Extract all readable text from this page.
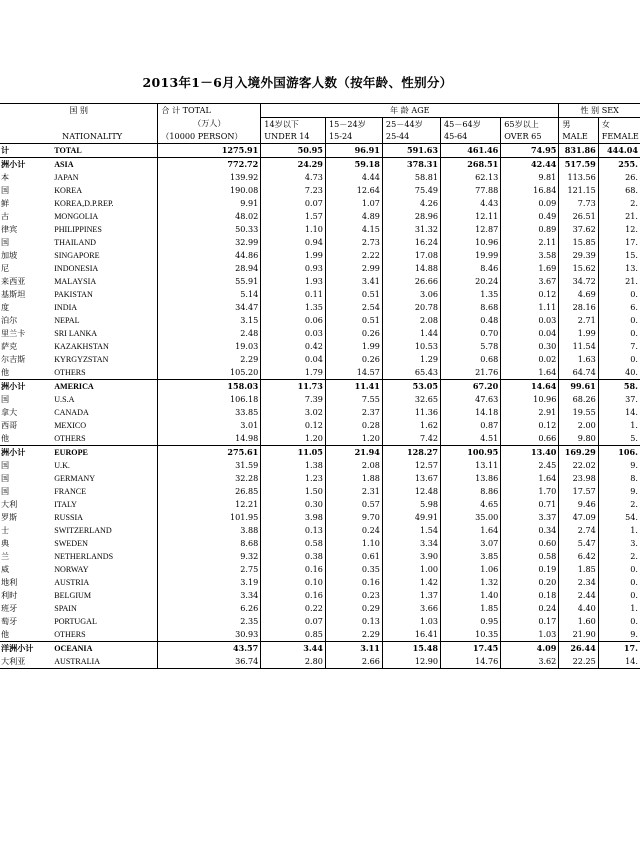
2013年1－6月入境外国游客人数（按年龄、性别分）
国 别		合 计 TOTAL	年 龄 AGE					性 别 SEX	
		（万人）	14岁以下	15－24岁	25－44岁	45－64岁	65岁以上	男	女
NATIONALITY		（10000 PERSON）	UNDER 14	15-24	25-44	45-64	OVER 65	MALE	FEMALE
计	TOTAL	1275.91	50.95	96.91	591.63	461.46	74.95	831.86	444.04
洲小计	ASIA	772.72	24.29	59.18	378.31	268.51	42.44	517.59	255.
本	JAPAN	139.92	4.73	4.44	58.81	62.13	9.81	113.56	26.
国	KOREA	190.08	7.23	12.64	75.49	77.88	16.84	121.15	68.
鲜	KOREA,D.P.REP.	9.91	0.07	1.07	4.26	4.43	0.09	7.73	2.
古	MONGOLIA	48.02	1.57	4.89	28.96	12.11	0.49	26.51	21.
律宾	PHILIPPINES	50.33	1.10	4.15	31.32	12.87	0.89	37.62	12.
国	THAILAND	32.99	0.94	2.73	16.24	10.96	2.11	15.85	17.
加坡	SINGAPORE	44.86	1.99	2.22	17.08	19.99	3.58	29.39	15.
尼	INDONESIA	28.94	0.93	2.99	14.88	8.46	1.69	15.62	13.
来西亚	MALAYSIA	55.91	1.93	3.41	26.66	20.24	3.67	34.72	21.
基斯坦	PAKISTAN	5.14	0.11	0.51	3.06	1.35	0.12	4.69	0.
度	INDIA	34.47	1.35	2.54	20.78	8.68	1.11	28.16	6.
泊尔	NEPAL	3.15	0.06	0.51	2.08	0.48	0.03	2.71	0.
里兰卡	SRI LANKA	2.48	0.03	0.26	1.44	0.70	0.04	1.99	0.
萨克	KAZAKHSTAN	19.03	0.42	1.99	10.53	5.78	0.30	11.54	7.
尔吉斯	KYRGYZSTAN	2.29	0.04	0.26	1.29	0.68	0.02	1.63	0.
他	OTHERS	105.20	1.79	14.57	65.43	21.76	1.64	64.74	40.
洲小计	AMERICA	158.03	11.73	11.41	53.05	67.20	14.64	99.61	58.
国	U.S.A	106.18	7.39	7.55	32.65	47.63	10.96	68.26	37.
拿大	CANADA	33.85	3.02	2.37	11.36	14.18	2.91	19.55	14.
西哥	MEXICO	3.01	0.12	0.28	1.62	0.87	0.12	2.00	1.
他	OTHERS	14.98	1.20	1.20	7.42	4.51	0.66	9.80	5.
洲小计	EUROPE	275.61	11.05	21.94	128.27	100.95	13.40	169.29	106.
国	U.K.	31.59	1.38	2.08	12.57	13.11	2.45	22.02	9.
国	GERMANY	32.28	1.23	1.88	13.67	13.86	1.64	23.98	8.
国	FRANCE	26.85	1.50	2.31	12.48	8.86	1.70	17.57	9.
大利	ITALY	12.21	0.30	0.57	5.98	4.65	0.71	9.46	2.
罗斯	RUSSIA	101.95	3.98	9.70	49.91	35.00	3.37	47.09	54.
士	SWITZERLAND	3.88	0.13	0.24	1.54	1.64	0.34	2.74	1.
典	SWEDEN	8.68	0.58	1.10	3.34	3.07	0.60	5.47	3.
兰	NETHERLANDS	9.32	0.38	0.61	3.90	3.85	0.58	6.42	2.
威	NORWAY	2.75	0.16	0.35	1.00	1.06	0.19	1.85	0.
地利	AUSTRIA	3.19	0.10	0.16	1.42	1.32	0.20	2.34	0.
利时	BELGIUM	3.34	0.16	0.23	1.37	1.40	0.18	2.44	0.
班牙	SPAIN	6.26	0.22	0.29	3.66	1.85	0.24	4.40	1.
萄牙	PORTUGAL	2.35	0.07	0.13	1.03	0.95	0.17	1.60	0.
他	OTHERS	30.93	0.85	2.29	16.41	10.35	1.03	21.90	9.
洋洲小计	OCEANIA	43.57	3.44	3.11	15.48	17.45	4.09	26.44	17.
大利亚	AUSTRALIA	36.74	2.80	2.66	12.90	14.76	3.62	22.25	14.
